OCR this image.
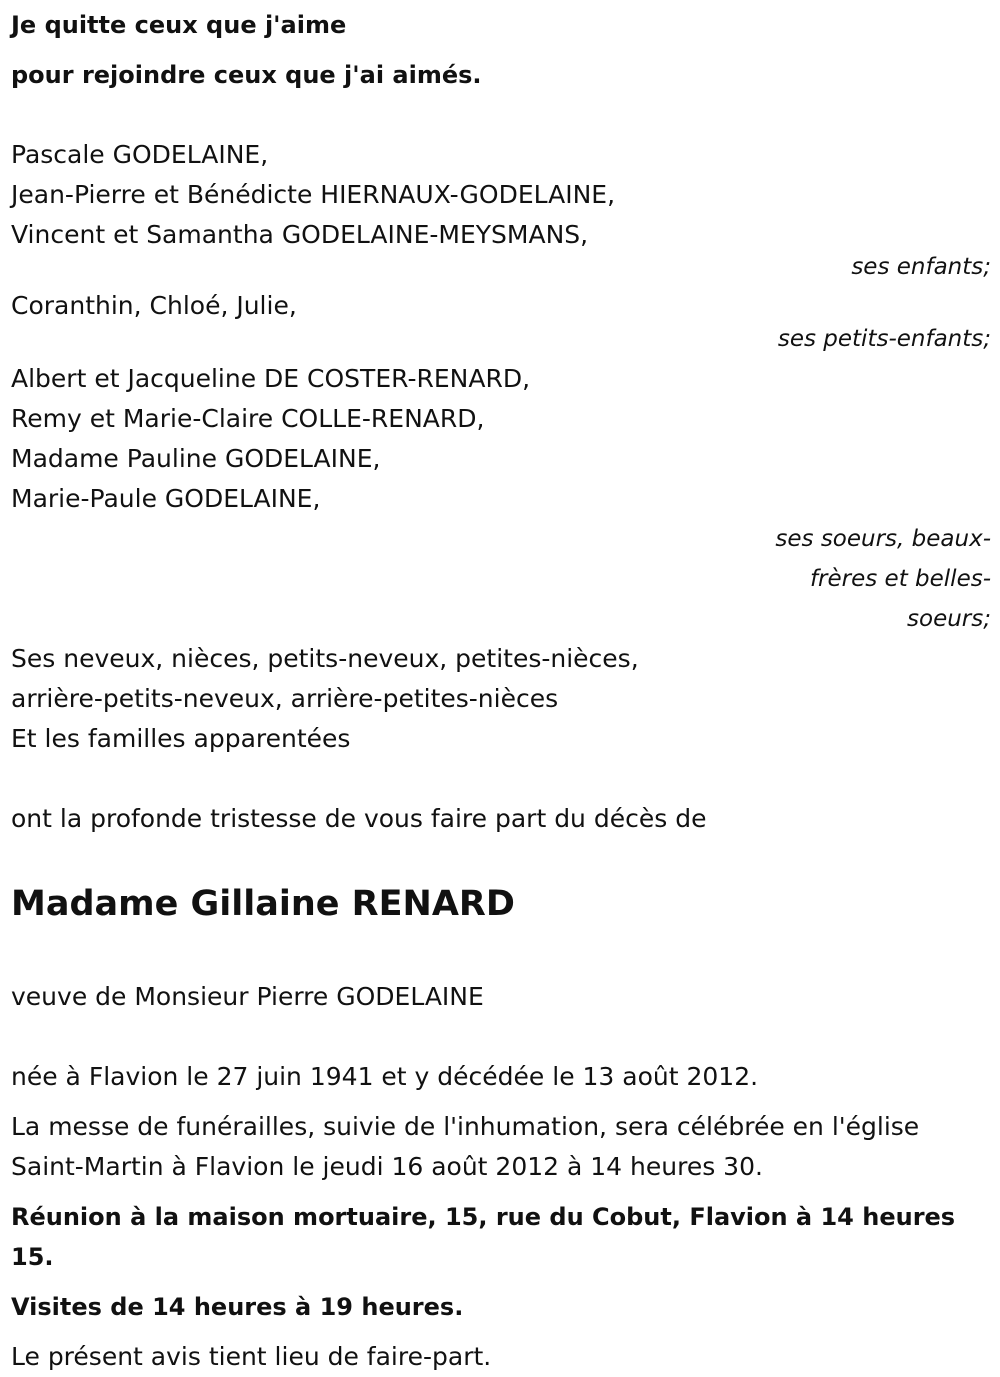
Je quitte ceux que j'aime
pour rejoindre ceux que j'ai aimés.
Pascale GODELAINE,
Jean-Pierre et Bénédicte HIERNAUX-GODELAINE,
Vincent et Samantha GODELAINE-MEYSMANS,
ses enfants;
Coranthin, Chloé, Julie,
ses petits-enfants;
Albert et Jacqueline DE COSTER-RENARD,
Remy et Marie-Claire COLLE-RENARD,
Madame Pauline GODELAINE,
Marie-Paule GODELAINE,
ses soeurs, beaux-
frères et belles-
soeurs;
Ses neveux, nièces, petits-neveux, petites-nièces,
arrière-petits-neveux, arrière-petites-nièces
Et les familles apparentées
ont la profonde tristesse de vous faire part du décès de
Madame Gillaine RENARD
veuve de Monsieur Pierre GODELAINE
née à Flavion le 27 juin 1941 et y décédée le 13 août 2012.
La messe de funérailles, suivie de l'inhumation, sera célébrée en l'église
Saint-Martin à Flavion le jeudi 16 août 2012 à 14 heures 30.
Réunion à la maison mortuaire, 15, rue du Cobut, Flavion à 14 heures 15.
Visites de 14 heures à 19 heures.
Le présent avis tient lieu de faire-part.
